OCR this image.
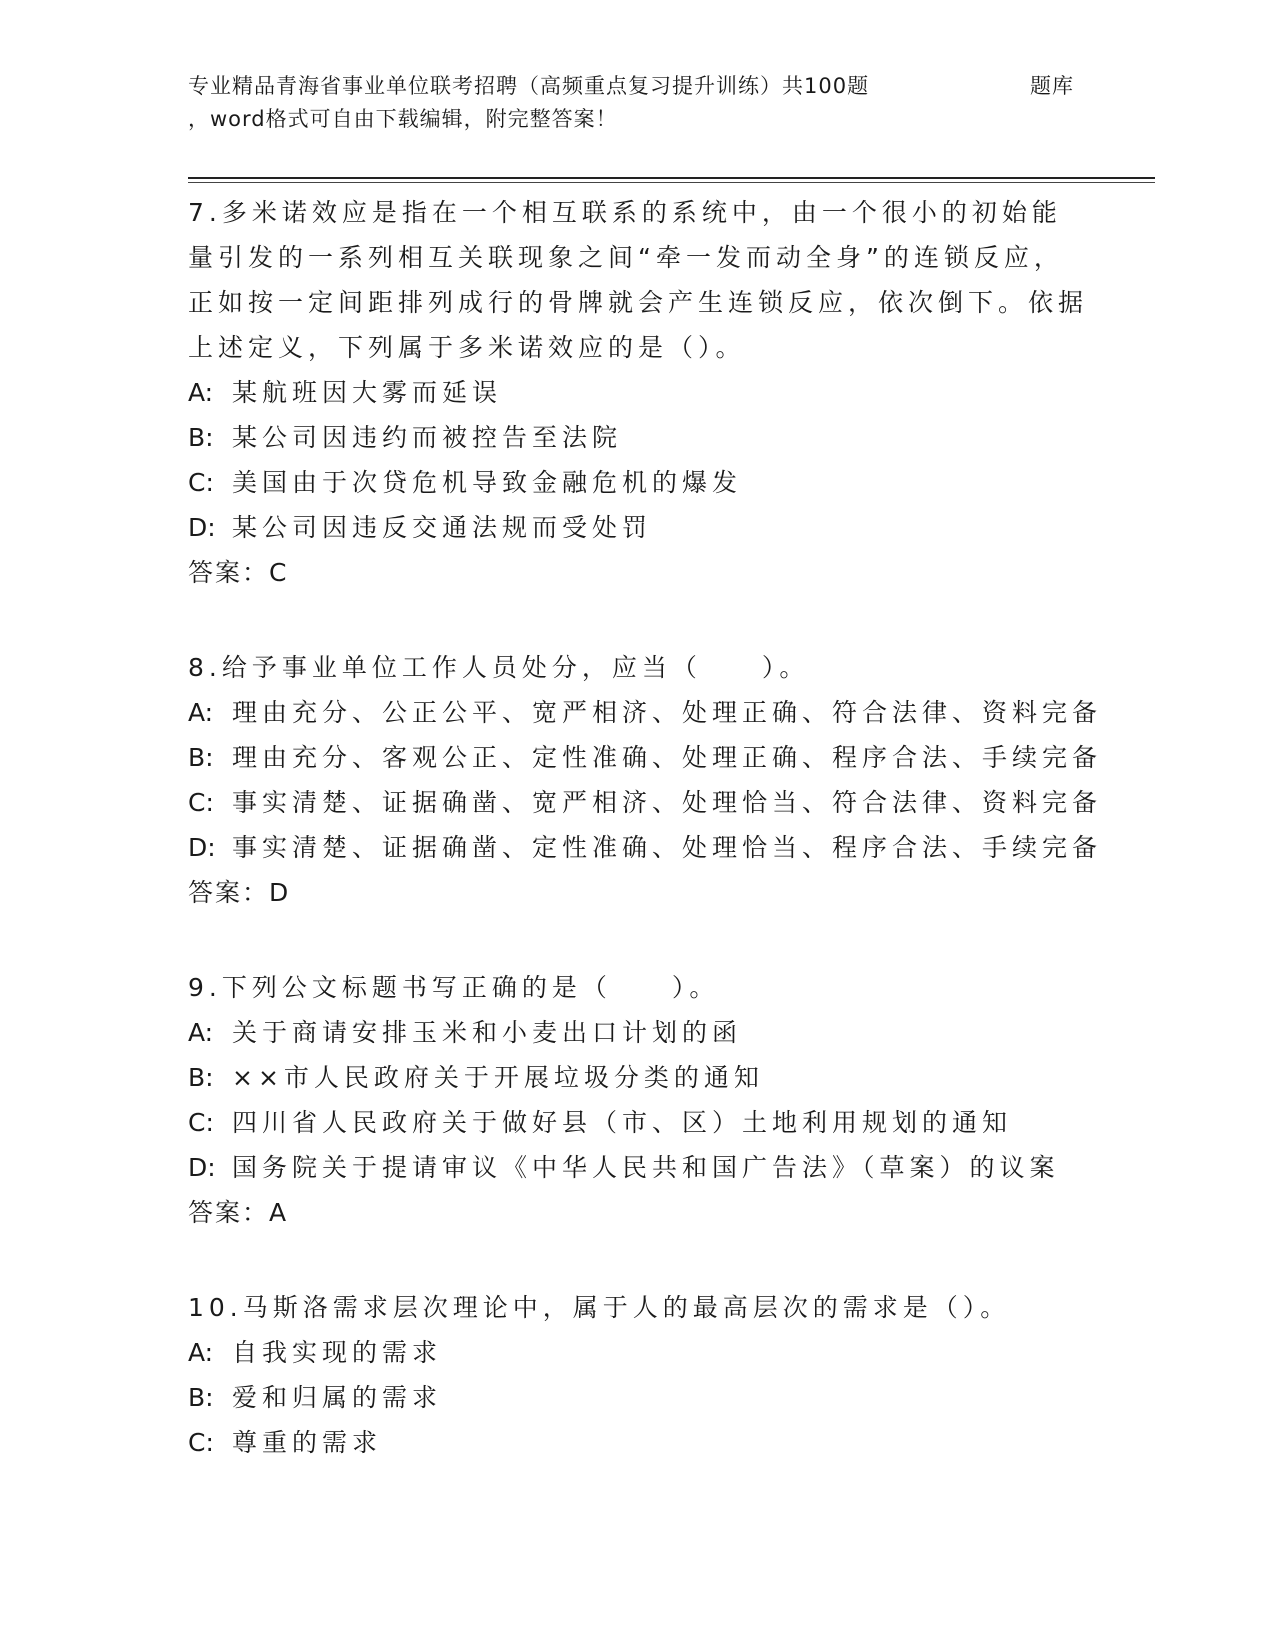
专业精品青海省事业单位联考招聘（高频重点复习提升训练）共100题	题库
，word格式可自由下载编辑，附完整答案！
7.多米诺效应是指在一个相互联系的系统中，由一个很小的初始能量引发的一系列相互关联现象之间“牵一发而动全身”的连锁反应，正如按一定间距排列成行的骨牌就会产生连锁反应，依次倒下。依据上述定义，下列属于多米诺效应的是（）。
A: 某航班因大雾而延误
B: 某公司因违约而被控告至法院
C: 美国由于次贷危机导致金融危机的爆发
D: 某公司因违反交通法规而受处罚
答案：C
8.给予事业单位工作人员处分，应当（　　）。
A: 理由充分、公正公平、宽严相济、处理正确、符合法律、资料完备
B: 理由充分、客观公正、定性准确、处理正确、程序合法、手续完备
C: 事实清楚、证据确凿、宽严相济、处理恰当、符合法律、资料完备
D: 事实清楚、证据确凿、定性准确、处理恰当、程序合法、手续完备
答案：D
9.下列公文标题书写正确的是（　　）。
A: 关于商请安排玉米和小麦出口计划的函
B: ××市人民政府关于开展垃圾分类的通知
C: 四川省人民政府关于做好县（市、区）土地利用规划的通知
D: 国务院关于提请审议《中华人民共和国广告法》（草案）的议案
答案：A
10.马斯洛需求层次理论中，属于人的最高层次的需求是（）。
A: 自我实现的需求
B: 爱和归属的需求
C: 尊重的需求
